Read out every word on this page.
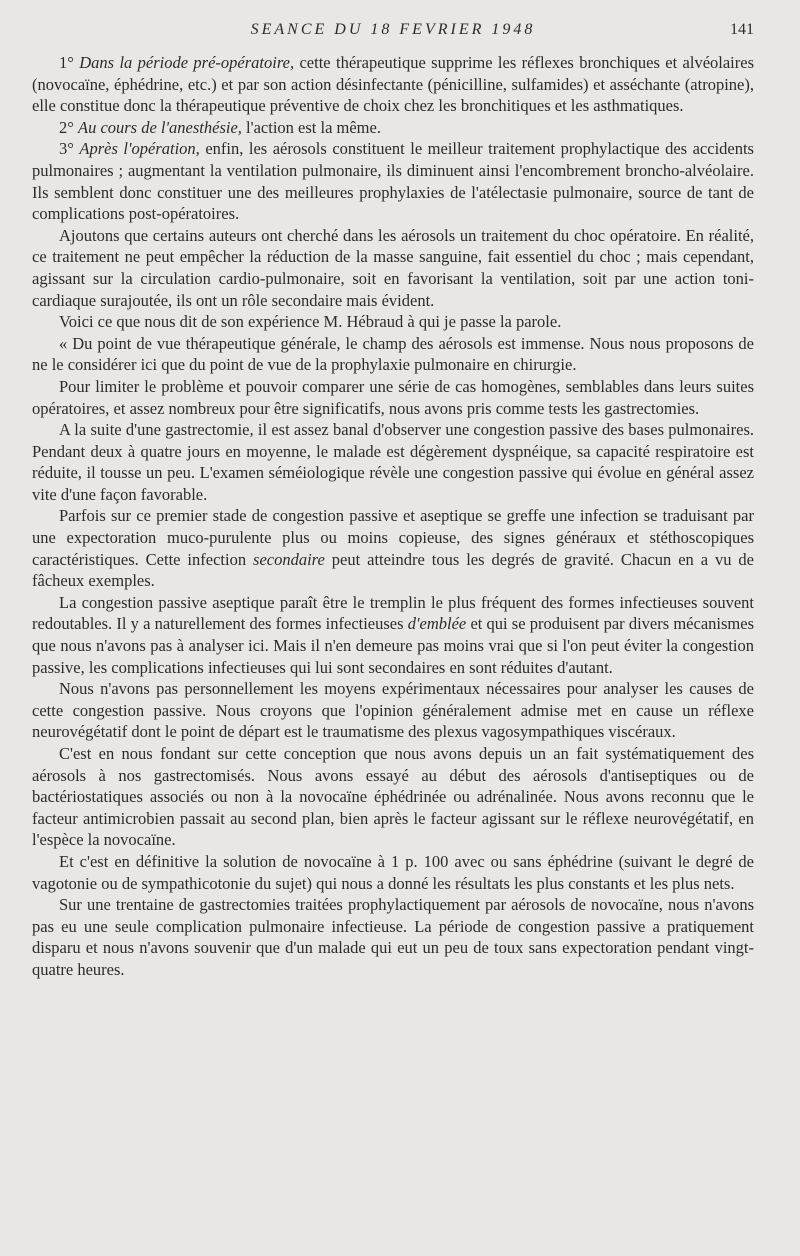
SEANCE DU 18 FEVRIER 1948	141

1° Dans la période pré-opératoire, cette thérapeutique supprime les réflexes bronchiques et alvéolaires (novocaïne, éphédrine, etc.) et par son action désinfectante (pénicilline, sulfamides) et asséchante (atropine), elle constitue donc la thérapeutique préventive de choix chez les bronchitiques et les asthmatiques.

2° Au cours de l'anesthésie, l'action est la même.

3° Après l'opération, enfin, les aérosols constituent le meilleur traitement prophylactique des accidents pulmonaires ; augmentant la ventilation pulmonaire, ils diminuent ainsi l'encombrement broncho-alvéolaire. Ils semblent donc constituer une des meilleures prophylaxies de l'atélectasie pulmonaire, source de tant de complications post-opératoires.

Ajoutons que certains auteurs ont cherché dans les aérosols un traitement du choc opératoire. En réalité, ce traitement ne peut empêcher la réduction de la masse sanguine, fait essentiel du choc ; mais cependant, agissant sur la circulation cardio-pulmonaire, soit en favorisant la ventilation, soit par une action toni-cardiaque surajoutée, ils ont un rôle secondaire mais évident.

Voici ce que nous dit de son expérience M. Hébraud à qui je passe la parole.

« Du point de vue thérapeutique générale, le champ des aérosols est immense. Nous nous proposons de ne le considérer ici que du point de vue de la prophylaxie pulmonaire en chirurgie.

Pour limiter le problème et pouvoir comparer une série de cas homogènes, semblables dans leurs suites opératoires, et assez nombreux pour être significatifs, nous avons pris comme tests les gastrectomies.

A la suite d'une gastrectomie, il est assez banal d'observer une congestion passive des bases pulmonaires. Pendant deux à quatre jours en moyenne, le malade est dégèrement dyspnéique, sa capacité respiratoire est réduite, il tousse un peu. L'examen séméiologique révèle une congestion passive qui évolue en général assez vite d'une façon favorable.

Parfois sur ce premier stade de congestion passive et aseptique se greffe une infection se traduisant par une expectoration muco-purulente plus ou moins copieuse, des signes généraux et stéthoscopiques caractéristiques. Cette infection secondaire peut atteindre tous les degrés de gravité. Chacun en a vu de fâcheux exemples.

La congestion passive aseptique paraît être le tremplin le plus fréquent des formes infectieuses souvent redoutables. Il y a naturellement des formes infectieuses d'emblée et qui se produisent par divers mécanismes que nous n'avons pas à analyser ici. Mais il n'en demeure pas moins vrai que si l'on peut éviter la congestion passive, les complications infectieuses qui lui sont secondaires en sont réduites d'autant.

Nous n'avons pas personnellement les moyens expérimentaux nécessaires pour analyser les causes de cette congestion passive. Nous croyons que l'opinion généralement admise met en cause un réflexe neurovégétatif dont le point de départ est le traumatisme des plexus vagosympathiques viscéraux.

C'est en nous fondant sur cette conception que nous avons depuis un an fait systématiquement des aérosols à nos gastrectomisés. Nous avons essayé au début des aérosols d'antiseptiques ou de bactériostatiques associés ou non à la novocaïne éphédrinée ou adrénalinée. Nous avons reconnu que le facteur antimicrobien passait au second plan, bien après le facteur agissant sur le réflexe neurovégétatif, en l'espèce la novocaïne.

Et c'est en définitive la solution de novocaïne à 1 p. 100 avec ou sans éphédrine (suivant le degré de vagotonie ou de sympathicotonie du sujet) qui nous a donné les résultats les plus constants et les plus nets.

Sur une trentaine de gastrectomies traitées prophylactiquement par aérosols de novocaïne, nous n'avons pas eu une seule complication pulmonaire infectieuse. La période de congestion passive a pratiquement disparu et nous n'avons souvenir que d'un malade qui eut un peu de toux sans expectoration pendant vingt-quatre heures.
